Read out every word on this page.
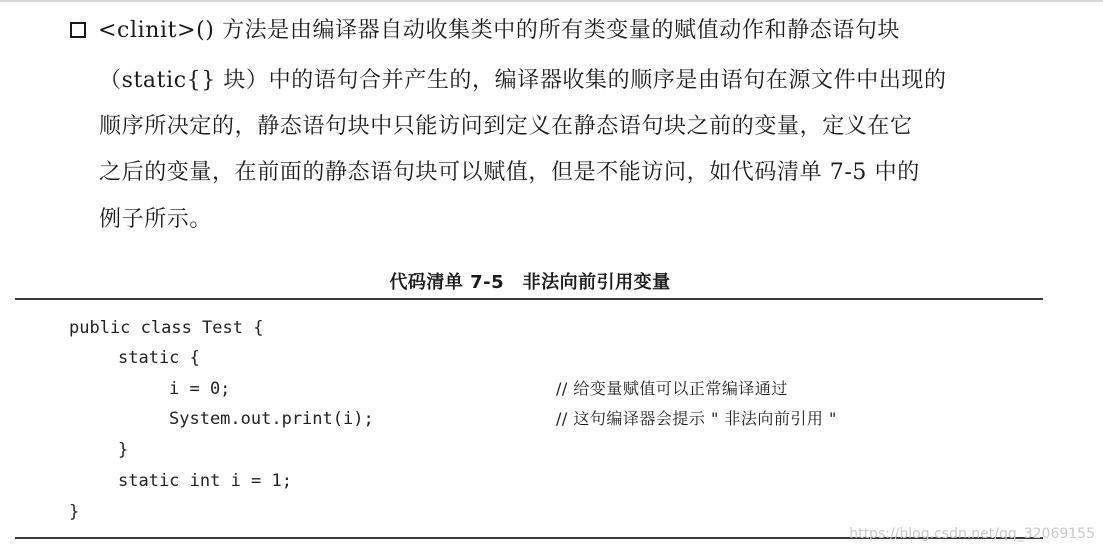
<clinit>() 方法是由编译器自动收集类中的所有类变量的赋值动作和静态语句块
（static{} 块）中的语句合并产生的，编译器收集的顺序是由语句在源文件中出现的
顺序所决定的，静态语句块中只能访问到定义在静态语句块之前的变量，定义在它
之后的变量，在前面的静态语句块可以赋值，但是不能访问，如代码清单 7-5 中的
例子所示。
代码清单 7-5　非法向前引用变量
public class Test {
static {
i = 0;
System.out.print(i);
}
static int i = 1;
}
// 给变量赋值可以正常编译通过
// 这句编译器会提示 " 非法向前引用 "
https://blog.csdn.net/qq_32069155
